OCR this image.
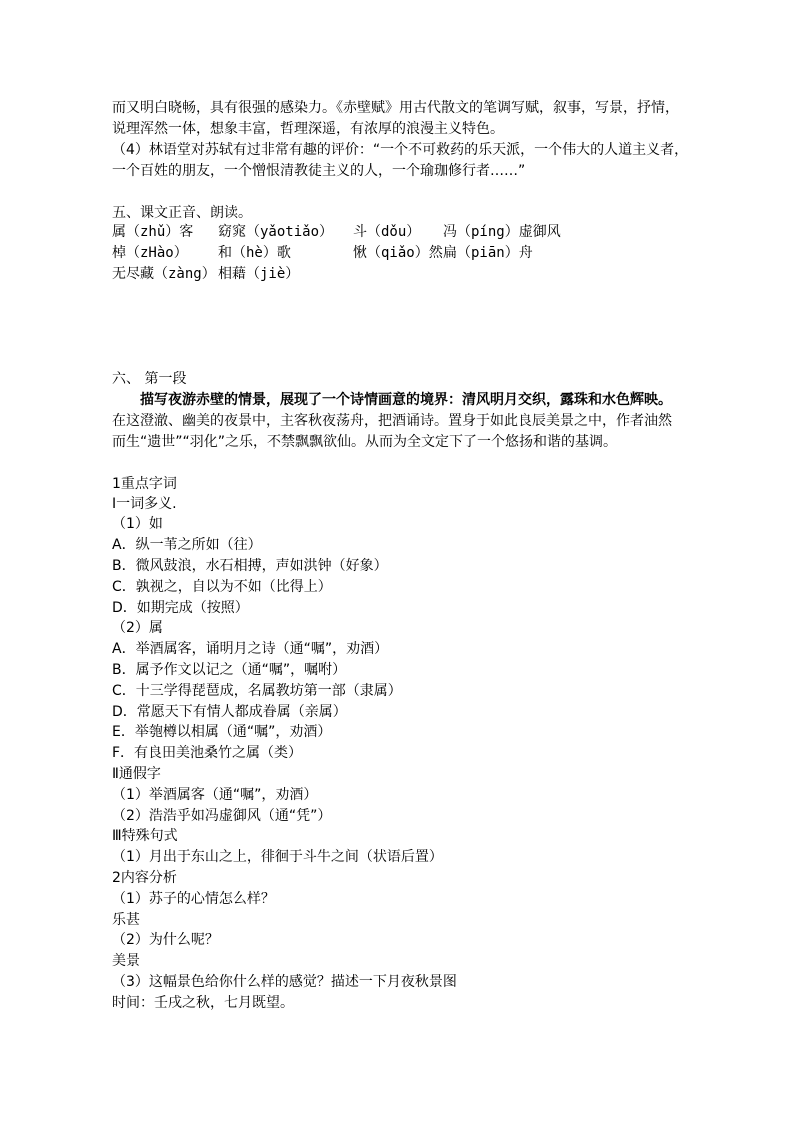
而又明白晓畅，具有很强的感染力。《赤壁赋》用古代散文的笔调写赋，叙事，写景，抒情，
说理浑然一体，想象丰富，哲理深遥，有浓厚的浪漫主义特色。
（4）林语堂对苏轼有过非常有趣的评价：“一个不可救药的乐天派，一个伟大的人道主义者，
一个百姓的朋友，一个憎恨清教徒主义的人，一个瑜珈修行者……”
五、课文正音、朗读。
属（zhǔ）客 窈窕（yǎotiǎo） 斗（dǒu） 冯（píng）虚御风
棹（zHào） 和（hè）歌	愀（qiǎo）然 扁（piān）舟
无尽藏（zàng） 相藉（jiè）
六、 第一段
描写夜游赤壁的情景，展现了一个诗情画意的境界：清风明月交织，露珠和水色辉映。
在这澄澈、幽美的夜景中，主客秋夜荡舟，把酒诵诗。置身于如此良辰美景之中，作者油然
而生“遗世”“羽化”之乐，不禁飘飘欲仙。从而为全文定下了一个悠扬和谐的基调。
1重点字词
Ⅰ一词多义.
（1）如
A．纵一苇之所如（往）
B．微风鼓浪，水石相搏，声如洪钟（好象）
C．孰视之，自以为不如（比得上）
D．如期完成（按照）
（2）属
A．举酒属客，诵明月之诗（通“嘱”，劝酒）
B．属予作文以记之（通“嘱”，嘱咐）
C．十三学得琵琶成，名属教坊第一部（隶属）
D．常愿天下有情人都成眷属（亲属）
E．举匏樽以相属（通“嘱”，劝酒）
F．有良田美池桑竹之属（类）
Ⅱ通假字
（1）举酒属客（通“嘱”，劝酒）
（2）浩浩乎如冯虚御风（通“凭”）
Ⅲ特殊句式
（1）月出于东山之上，徘徊于斗牛之间（状语后置）
2内容分析
（1）苏子的心情怎么样？
乐甚
（2）为什么呢？
美景
（3）这幅景色给你什么样的感觉？描述一下月夜秋景图
时间：壬戌之秋，七月既望。
